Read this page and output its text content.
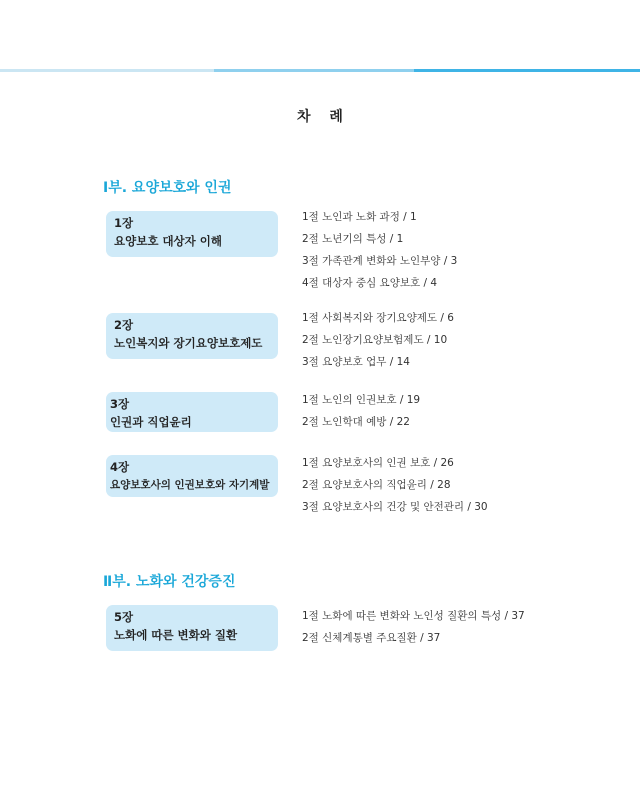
차 례
Ⅰ부. 요양보호와 인권
1장
요양보호 대상자 이해
1절 노인과 노화 과정 / 1
2절 노년기의 특성 / 1
3절 가족관계 변화와 노인부양 / 3
4절 대상자 중심 요양보호 / 4
2장
노인복지와 장기요양보호제도
1절 사회복지와 장기요양제도 / 6
2절 노인장기요양보험제도 / 10
3절 요양보호 업무 / 14
3장
인권과 직업윤리
1절 노인의 인권보호 / 19
2절 노인학대 예방 / 22
4장
요양보호사의 인권보호와 자기계발
1절 요양보호사의 인권 보호 / 26
2절 요양보호사의 직업윤리 / 28
3절 요양보호사의 건강 및 안전관리 / 30
Ⅱ부. 노화와 건강증진
5장
노화에 따른 변화와 질환
1절 노화에 따른 변화와 노인성 질환의 특성 / 37
2절 신체계통별 주요질환 / 37
